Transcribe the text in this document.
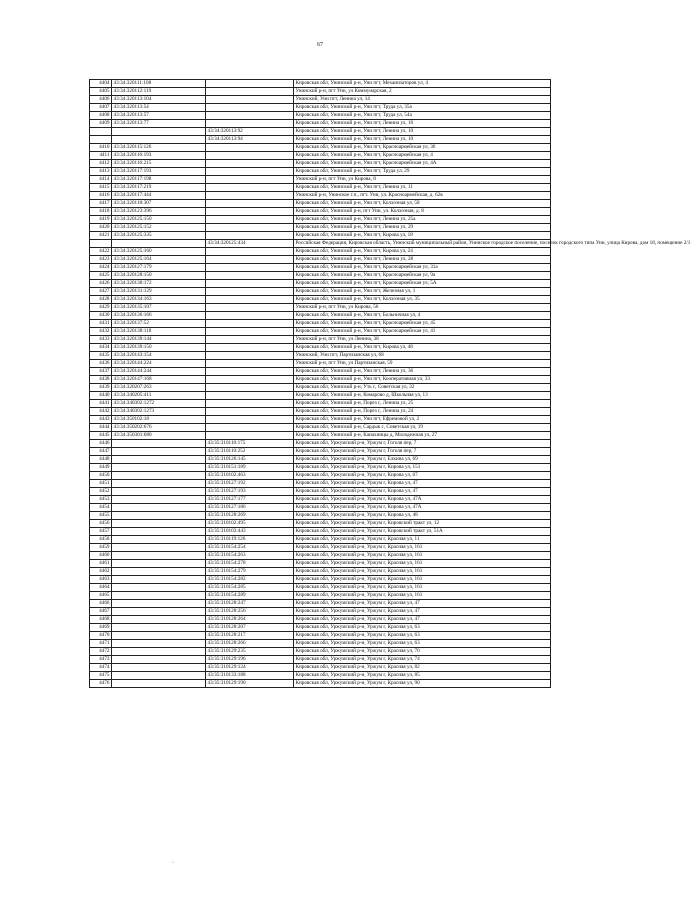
67
4404	43:34:320111:108		Кировская обл, Унинский р-н, Уни пгт, Механизаторов ул, 4
4405	43:34:320112:119		Унинский р-н, пгт Уни, ул Коммунарская, 2
4406	43:34:320113:104		Унинский, Уни пгт, Ленина ул, 14
4407	43:34:320113:54		Кировская обл, Унинский р-н, Уни пгт, Труда ул, 35а
4408	43:34:320113:57		Кировская обл, Унинский р-н, Уни пгт, Труда ул, 54а
4409	43:34:320113:77		Кировская обл, Унинский р-н, Уни пгт, Ленина ул, 16
		43:34:320113:92	Кировская обл, Унинский р-н, Уни пгт, Ленина ул, 10
		43:34:320113:94	Кировская обл, Унинский р-н, Уни пгт, Ленина ул, 10
4410	43:34:320115:126		Кировская обл, Унинский р-н, Уни пгт, Красноармейская ул, 36
4411	43:34:320116:193		Кировская обл, Унинский р-н, Уни пгт, Красноармейская ул, 4
4412	43:34:320116:215		Кировская обл, Унинский р-н, Уни пгт, Красноармейская ул, 4А
4413	43:34:320117:193		Кировская обл, Унинский р-н, Уни пгт, Труда ул, 29
4414	43:34:320117:198		Унинский р-н, пгт Уни, ул Кирова, 8
4415	43:34:320117:219		Кировская обл, Унинский р-н, Уни пгт, Ленина ул, 11
4416	43:34:320117:444		Унинский р-н, Унинское г.п., пгт. Уни, ул. Красноармейская, д. 62в
4417	43:34:320118:307		Кировская обл, Унинский р-н, Уни пгт, Колхозная ул, 58
4418	43:34:320123:396		Кировская обл, Унинский р-н, пгт Уни, ул. Колхозная, д. 8
4419	43:34:320125:150		Кировская обл, Унинский р-н, Уни пгт, Ленина ул, 25а
4420	43:34:320125:152		Кировская обл, Унинский р-н, Уни пгт, Ленина ул, 29
4421	43:34:320125:335		Кировская обл, Унинский р-н, Уни пгт, Кирова ул, 18
		43:34:320125:434	Российская Федерация, Кировская область, Унинский муниципальный район, Унинское городское поселение, поселок городского типа Уни, улица Кирова, дом 18, помещение 2/1
4422	43:34:320125:160		Кировская обл, Унинский р-н, Уни пгт, Кирова ул, 24
4423	43:34:320125:164		Кировская обл, Унинский р-н, Уни пгт, Ленина ул, 28
4424	43:34:320127:179		Кировская обл, Унинский р-н, Уни пгт, Красноармейская ул, 31а
4425	43:34:320128:150		Кировская обл, Унинский р-н, Уни пгт, Красноармейская ул, 9а
4426	43:34:320130:172		Кировская обл, Унинский р-н, Уни пгт, Красноармейская ул, 5А
4427	43:34:320131:129		Кировская обл, Унинский р-н, Уни пгт, Железная ул, 1
4428	43:34:320134:163		Кировская обл, Унинский р-н, Уни пгт, Колхозная ул, 35
4429	43:34:320135:107		Унинский р-н, пгт Уни, ул Кирова, 56
4430	43:34:320136:166		Кировская обл, Унинский р-н, Уни пгт, Больничная ул, 4
4431	43:34:320137:52		Кировская обл, Унинский р-н, Уни пгт, Красноармейская ул, 45
4432	43:34:320138:118		Кировская обл, Унинский р-н, Уни пгт, Красноармейская ул, 41
4433	43:34:320139:144		Унинский р-н, пгт Уни, ул Ленина, 38
4434	43:34:320139:150		Кировская обл, Унинский р-н, Уни пгт, Кирова ул, 48
4435	43:34:320143:154		Унинский, Уни пгт, Партизанская ул, 68
4436	43:34:320144:224		Унинский р-н, пгт Уни, ул Партизанская, 59
4437	43:34:320144:244		Кировская обл, Унинский р-н, Уни пгт, Ленина ул, 36
4438	43:34:320147:168		Кировская обл, Унинский р-н, Уни пгт, Кооперативная ул, 33
4439	43:34:320207:263		Кировская обл, Унинский р-н, Уть с, Советская ул, 32
4440	43:34:340205:411		Кировская обл, Унинский р-н, Комарово д, Школьная ул, 13
4441	43:34:340302:1272		Кировская обл, Унинский р-н, Порез с, Ленина ул, 25
4442	43:34:340302:1273		Кировская обл, Унинский р-н, Порез с, Ленина ул, 24
4443	43:34:350102:18		Кировская обл, Унинский р-н, Уни пгт, Ефремовой ул, 2
4444	43:34:350202:676		Кировская обл, Унинский р-н, Сардык с, Советская ул, 19
4445	43:34:350301:680		Кировская обл, Унинский р-н, Канахинцы д, Молодежная ул, 27
4446		43:35:310110:175	Кировская обл, Уржумский р-н, Уржум г, Гоголя пер, 7
4447		43:35:310110:252	Кировская обл, Уржумский р-н, Уржум г, Гоголя пер, 7
4448		43:35:310126:145	Кировская обл, Уржумский р-н, Уржум г, Елкина ул, 69
4449		43:35:310151:189	Кировская обл, Уржумский р-н, Уржум г, Кирова ул, 151
4450		43:35:310102:463	Кировская обл, Уржумский р-н, Уржум г, Кирова ул, 67
4451		43:35:310127:192	Кировская обл, Уржумский р-н, Уржум г, Кирова ул, 47
4452		43:35:310127:193	Кировская обл, Уржумский р-н, Уржум г, Кирова ул, 47
4453		43:35:310127:177	Кировская обл, Уржумский р-н, Уржум г, Кирова ул, 47А
4454		43:35:310127:186	Кировская обл, Уржумский р-н, Уржум г, Кирова ул, 47А
4455		43:35:310128:269	Кировская обл, Уржумский р-н, Уржум г, Кирова ул, 48
4456		43:35:310102:495	Кировская обл, Уржумский р-н, Уржум г, Кировский тракт ул, 12
4457		43:35:310103:443	Кировская обл, Уржумский р-н, Уржум г, Кировский тракт ул, 51А
4458		43:35:310119:126	Кировская обл, Уржумский р-н, Уржум г, Красная ул, 11
4459		43:35:310154:254	Кировская обл, Уржумский р-н, Уржум г, Красная ул, 161
4460		43:35:310154:263	Кировская обл, Уржумский р-н, Уржум г, Красная ул, 161
4461		43:35:310154:278	Кировская обл, Уржумский р-н, Уржум г, Красная ул, 161
4462		43:35:310154:279	Кировская обл, Уржумский р-н, Уржум г, Красная ул, 161
4463		43:35:310154:282	Кировская обл, Уржумский р-н, Уржум г, Красная ул, 161
4464		43:35:310154:285	Кировская обл, Уржумский р-н, Уржум г, Красная ул, 161
4465		43:35:310154:289	Кировская обл, Уржумский р-н, Уржум г, Красная ул, 161
4466		43:35:310128:247	Кировская обл, Уржумский р-н, Уржум г, Красная ул, 47
4467		43:35:310128:256	Кировская обл, Уржумский р-н, Уржум г, Красная ул, 47
4468		43:35:310128:264	Кировская обл, Уржумский р-н, Уржум г, Красная ул, 47
4469		43:35:310128:207	Кировская обл, Уржумский р-н, Уржум г, Красная ул, 63
4470		43:35:310128:217	Кировская обл, Уржумский р-н, Уржум г, Красная ул, 63
4471		43:35:310128:266	Кировская обл, Уржумский р-н, Уржум г, Красная ул, 63
4472		43:35:310129:235	Кировская обл, Уржумский р-н, Уржум г, Красная ул, 70
4473		43:35:310129:196	Кировская обл, Уржумский р-н, Уржум г, Красная ул, 74
4474		43:35:310129:124	Кировская обл, Уржумский р-н, Уржум г, Красная ул, 82
4475		43:35:310133:188	Кировская обл, Уржумский р-н, Уржум г, Красная ул, 85
4476		43:35:310129:190	Кировская обл, Уржумский р-н, Уржум г, Красная ул, 90
·
